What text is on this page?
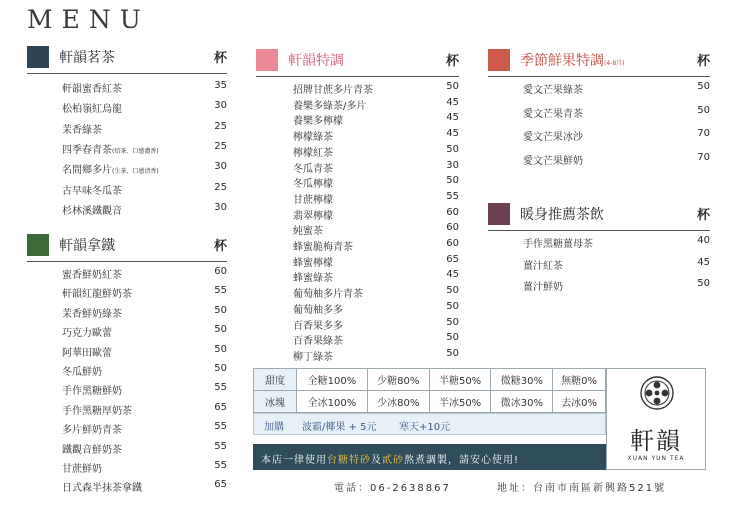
MENU
軒韻茗茶	杯
軒韻蜜香紅茶	35
松柏嶺紅烏龍	30
茉香綠茶	25
四季春青茶(焙茶、口感濃香)	25
名間鄉多片(生茶、口感清香)	30
古早味冬瓜茶	25
杉林溪鐵觀音	30
軒韻拿鐵	杯
蜜香鮮奶紅茶	60
軒韻紅龍鮮奶茶	55
茉香鮮奶綠茶	50
巧克力歐蕾	50
阿華田歐蕾	50
冬瓜鮮奶	50
手作黑糖鮮奶	55
手作黑糖厚奶茶	65
多片鮮奶青茶	55
鐵觀音鮮奶茶	55
甘蔗鮮奶	55
日式森半抹茶拿鐵	65
軒韻特調	杯
招牌甘蔗多片青茶	50
養樂多綠茶/多片	45
養樂多檸檬	45
檸檬綠茶	45
檸檬紅茶	50
冬瓜青茶	30
冬瓜檸檬	50
甘蔗檸檬	55
翡翠檸檬	60
純蜜茶	60
蜂蜜脆梅青茶	60
蜂蜜檸檬	65
蜂蜜綠茶	45
葡萄柚多片青茶	50
葡萄柚多多	50
百香果多多	50
百香果綠茶	50
柳丁綠茶	50
季節鮮果特調(4-8月)	杯
愛文芒果綠茶	50
愛文芒果青茶	50
愛文芒果冰沙	70
愛文芒果鮮奶	70
暖身推薦茶飲	杯
手作黑糖薑母茶	40
薑汁紅茶	45
薑汁鮮奶	50
甜度	全糖100%	少糖80%	半糖50%	微糖30%	無糖0%
冰塊	全冰100%	少冰80%	半冰50%	微冰30%	去冰0%
加購 波霸/椰果 + 5元 寒天+10元
本店一律使用台糖特砂及貳砂熬煮調製，請安心使用!
軒韻
XUAN YUN TEA
電話：06-2638867	地址：台南市南區新興路521號
